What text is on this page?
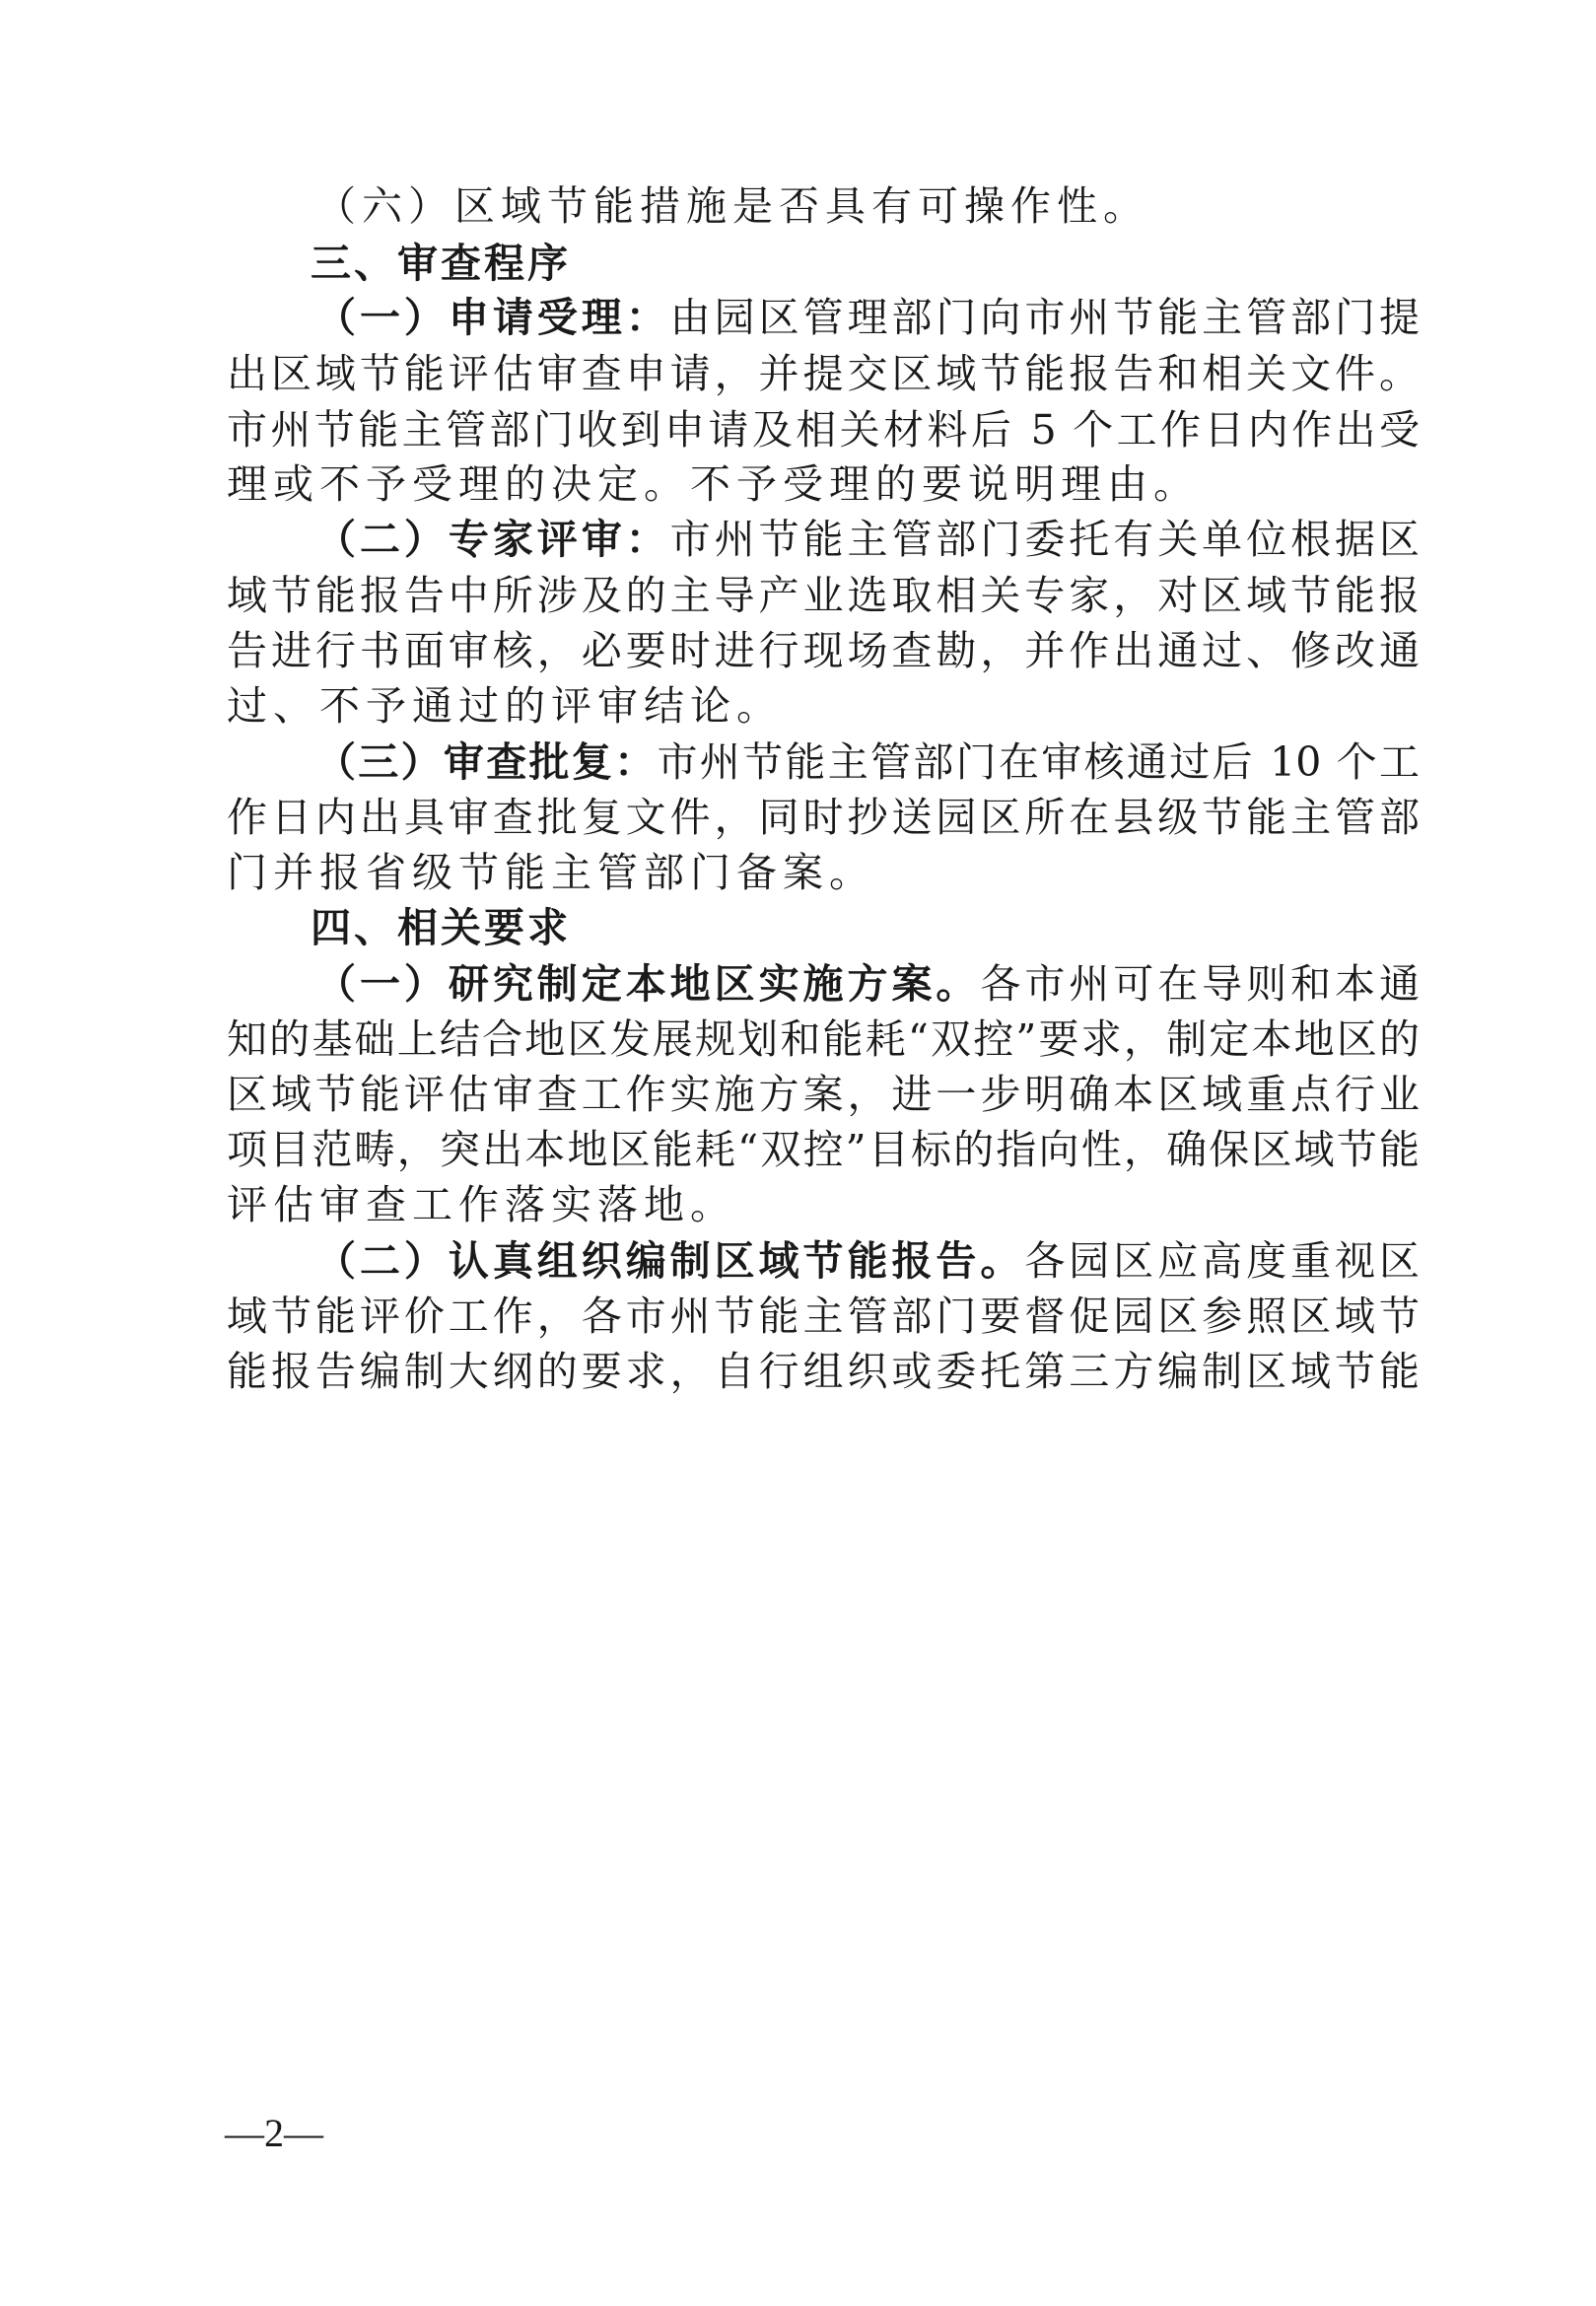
（六）区域节能措施是否具有可操作性。
三、审查程序
（一）申请受理：由园区管理部门向市州节能主管部门提
出区域节能评估审查申请，并提交区域节能报告和相关文件。
市州节能主管部门收到申请及相关材料后 5 个工作日内作出受
理或不予受理的决定。不予受理的要说明理由。
（二）专家评审：市州节能主管部门委托有关单位根据区
域节能报告中所涉及的主导产业选取相关专家，对区域节能报
告进行书面审核，必要时进行现场查勘，并作出通过、修改通
过、不予通过的评审结论。
（三）审查批复：市州节能主管部门在审核通过后 10 个工
作日内出具审查批复文件，同时抄送园区所在县级节能主管部
门并报省级节能主管部门备案。
四、相关要求
（一）研究制定本地区实施方案。各市州可在导则和本通
知的基础上结合地区发展规划和能耗“双控”要求，制定本地区的
区域节能评估审查工作实施方案，进一步明确本区域重点行业
项目范畴，突出本地区能耗“双控”目标的指向性，确保区域节能
评估审查工作落实落地。
（二）认真组织编制区域节能报告。各园区应高度重视区
域节能评价工作，各市州节能主管部门要督促园区参照区域节
能报告编制大纲的要求，自行组织或委托第三方编制区域节能
—2—
